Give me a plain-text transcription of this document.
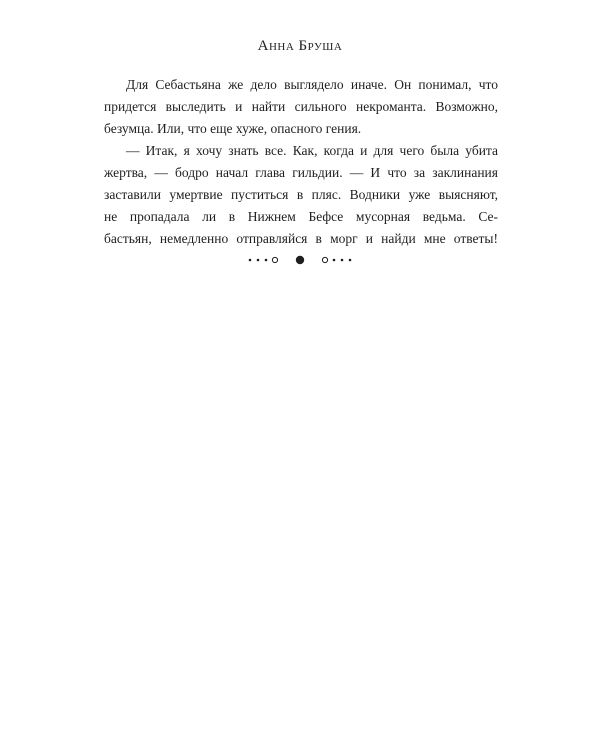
Анна Бруша

Для Себастьяна же дело выглядело иначе. Он понимал, что
придется выследить и найти сильного некроманта. Возможно,
безумца. Или, что еще хуже, опасного гения.

— Итак, я хочу знать все. Как, когда и для чего была убита
жертва, — бодро начал глава гильдии. — И что за заклинания
заставили умертвие пуститься в пляс. Водники уже выясняют,
не пропадала ли в Нижнем Бефсе мусорная ведьма. Се-
бастьян, немедленно отправляйся в морг и найди мне ответы!
